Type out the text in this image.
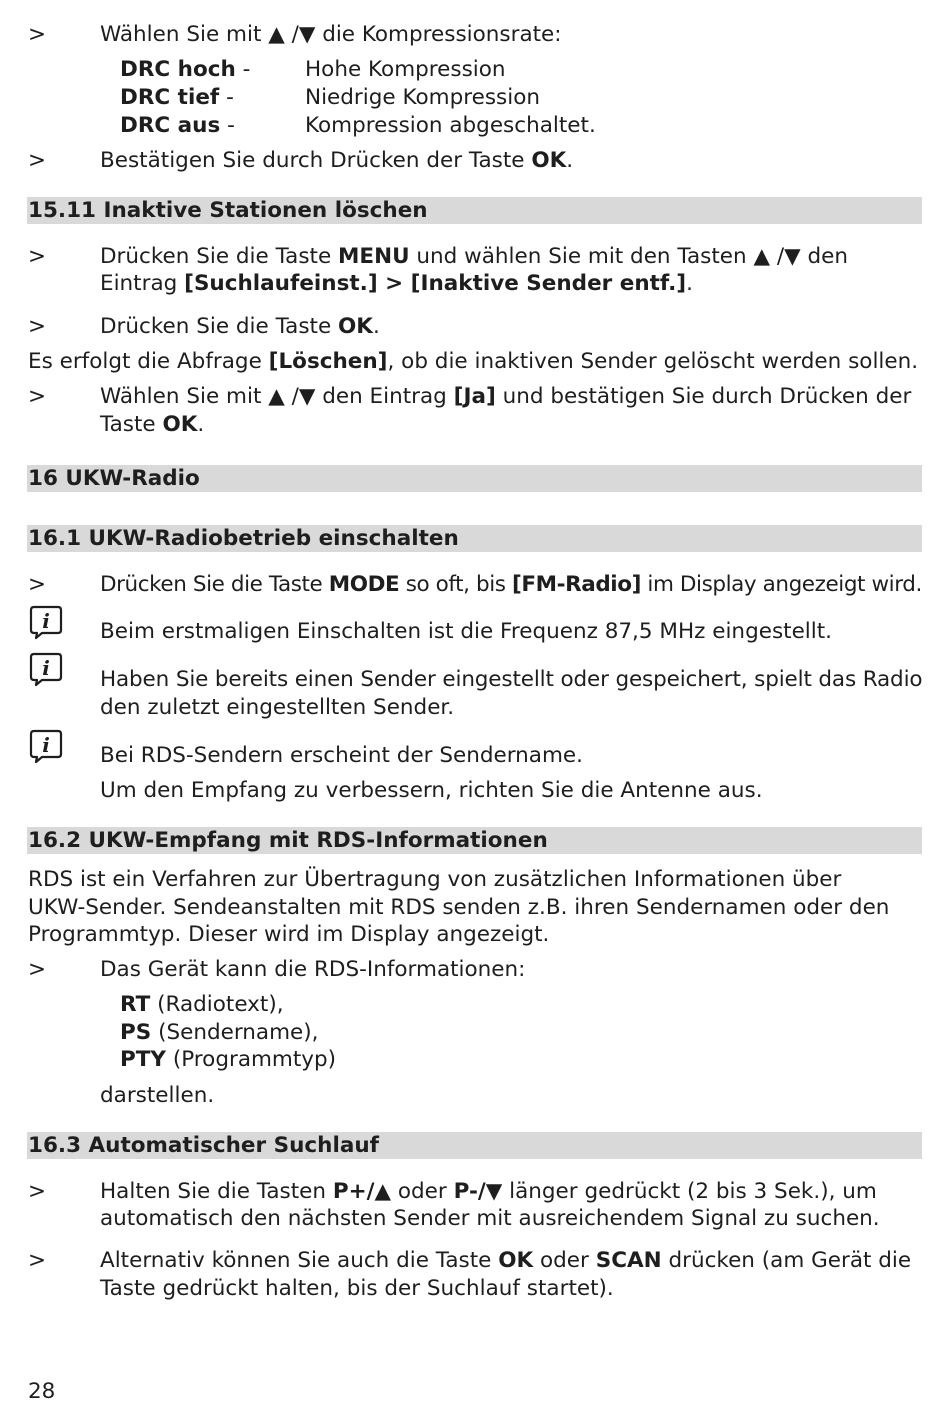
>	Wählen Sie mit ▲ /▼ die Kompressionsrate:
DRC hoch -	Hohe Kompression
DRC tief -	Niedrige Kompression
DRC aus -	Kompression abgeschaltet.
>	Bestätigen Sie durch Drücken der Taste OK.
15.11 Inaktive Stationen löschen
>	Drücken Sie die Taste MENU und wählen Sie mit den Tasten ▲ /▼ den
Eintrag [Suchlaufeinst.] > [Inaktive Sender entf.].
>	Drücken Sie die Taste OK.
Es erfolgt die Abfrage [Löschen], ob die inaktiven Sender gelöscht werden sollen.
>	Wählen Sie mit ▲ /▼ den Eintrag [Ja] und bestätigen Sie durch Drücken der
Taste OK.
16 UKW-Radio
16.1 UKW-Radiobetrieb einschalten
>	Drücken Sie die Taste MODE so oft, bis [FM-Radio] im Display angezeigt wird.
i Beim erstmaligen Einschalten ist die Frequenz 87,5 MHz eingestellt.
i Haben Sie bereits einen Sender eingestellt oder gespeichert, spielt das Radio
den zuletzt eingestellten Sender.
i Bei RDS-Sendern erscheint der Sendername.
Um den Empfang zu verbessern, richten Sie die Antenne aus.
16.2 UKW-Empfang mit RDS-Informationen
RDS ist ein Verfahren zur Übertragung von zusätzlichen Informationen über
UKW-Sender. Sendeanstalten mit RDS senden z.B. ihren Sendernamen oder den
Programmtyp. Dieser wird im Display angezeigt.
>	Das Gerät kann die RDS-Informationen:
RT (Radiotext),
PS (Sendername),
PTY (Programmtyp)
darstellen.
16.3 Automatischer Suchlauf
>	Halten Sie die Tasten P+/▲ oder P-/▼ länger gedrückt (2 bis 3 Sek.), um
automatisch den nächsten Sender mit ausreichendem Signal zu suchen.
>	Alternativ können Sie auch die Taste OK oder SCAN drücken (am Gerät die
Taste gedrückt halten, bis der Suchlauf startet).
28
